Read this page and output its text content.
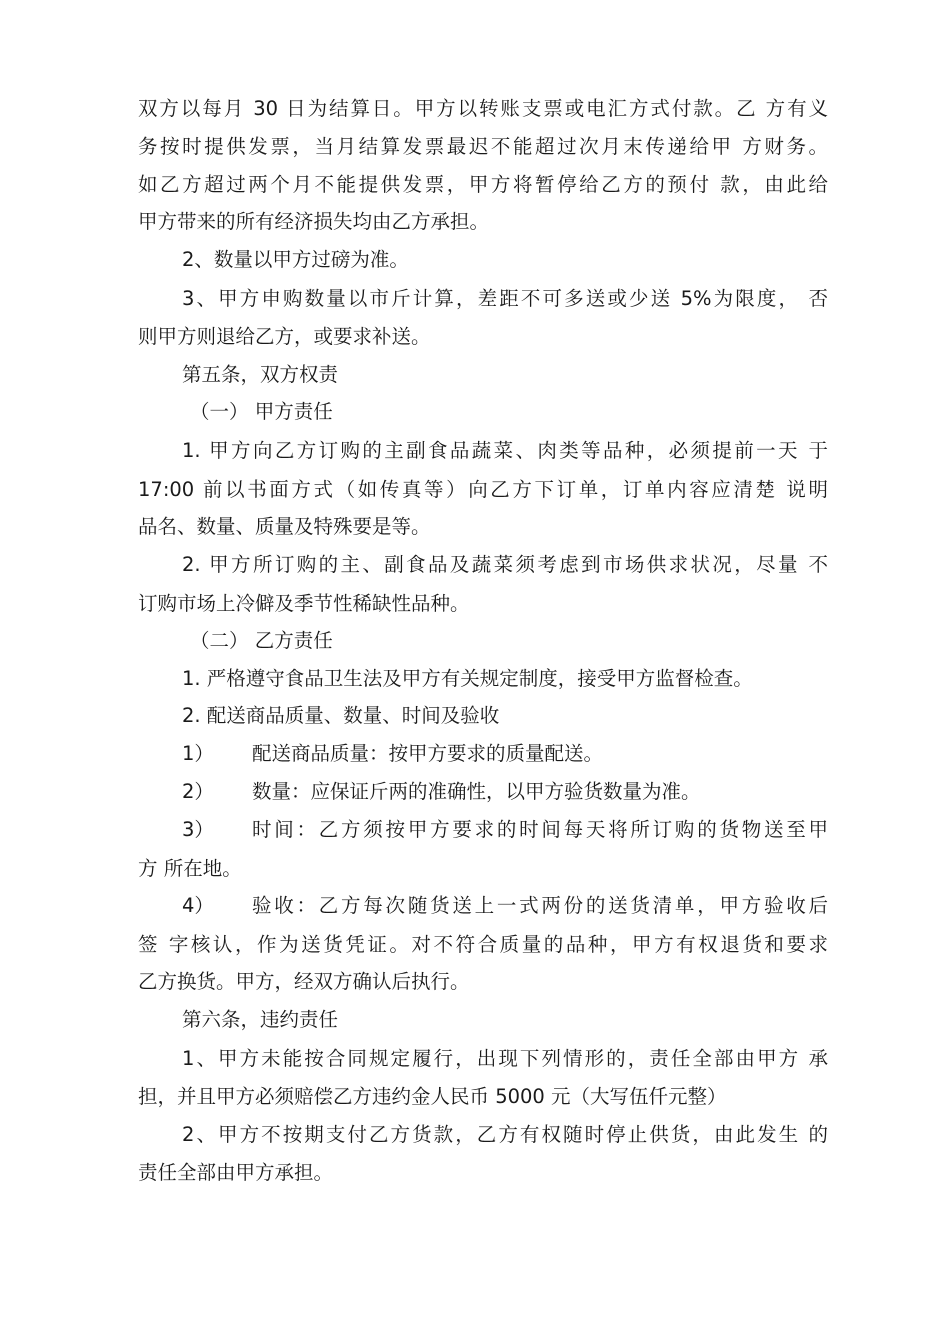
双方以每月 30 日为结算日。甲方以转账支票或电汇方式付款。乙 方有义
务按时提供发票，当月结算发票最迟不能超过次月末传递给甲 方财务。
如乙方超过两个月不能提供发票，甲方将暂停给乙方的预付 款，由此给
甲方带来的所有经济损失均由乙方承担。
2、数量以甲方过磅为准。
3、甲方申购数量以市斤计算，差距不可多送或少送 5%为限度， 否
则甲方则退给乙方，或要求补送。
第五条，双方权责
（一） 甲方责任
1. 甲方向乙方订购的主副食品蔬菜、肉类等品种，必须提前一天 于
17:00 前以书面方式（如传真等）向乙方下订单，订单内容应清楚 说明
品名、数量、质量及特殊要是等。
2. 甲方所订购的主、副食品及蔬菜须考虑到市场供求状况，尽量 不
订购市场上冷僻及季节性稀缺性品种。
（二） 乙方责任
1. 严格遵守食品卫生法及甲方有关规定制度，接受甲方监督检查。
2. 配送商品质量、数量、时间及验收
1） 配送商品质量：按甲方要求的质量配送。
2） 数量：应保证斤两的准确性，以甲方验货数量为准。
3） 时间：乙方须按甲方要求的时间每天将所订购的货物送至甲
方 所在地。
4） 验收：乙方每次随货送上一式两份的送货清单，甲方验收后
签 字核认，作为送货凭证。对不符合质量的品种，甲方有权退货和要求
乙方换货。甲方，经双方确认后执行。
第六条，违约责任
1、甲方未能按合同规定履行，出现下列情形的，责任全部由甲方 承
担，并且甲方必须赔偿乙方违约金人民币 5000 元（大写伍仟元整）
2、甲方不按期支付乙方货款，乙方有权随时停止供货，由此发生 的
责任全部由甲方承担。
